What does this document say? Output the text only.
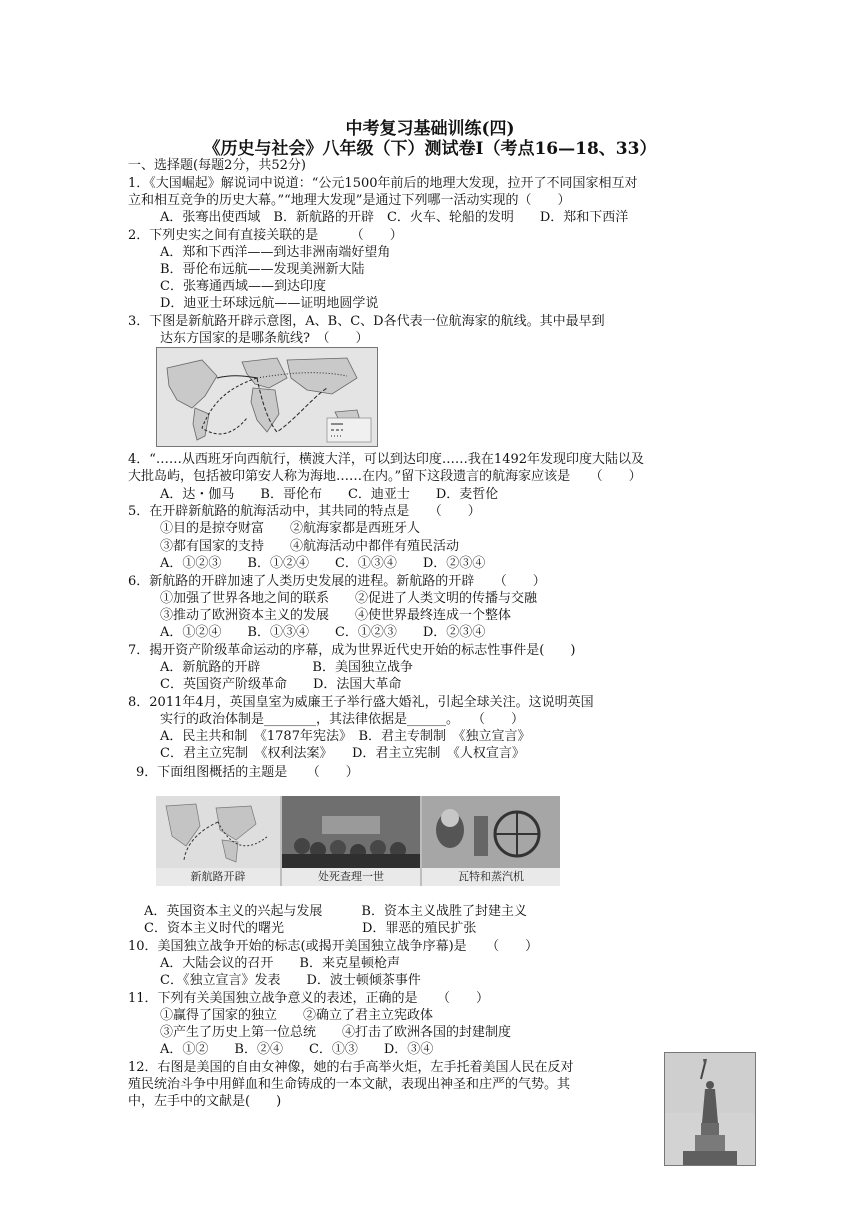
中考复习基础训练(四)
《历史与社会》八年级（下）测试卷Ⅰ（考点16—18、33）
一、选择题(每题2分，共52分)
1．《大国崛起》解说词中说道：“公元1500年前后的地理大发现，拉开了不同国家相互对
立和相互竞争的历史大幕。”“地理大发现”是通过下列哪一活动实现的（　　）
A．张骞出使西域　B．新航路的开辟　C．火车、轮船的发明　　D．郑和下西洋
2．下列史实之间有直接关联的是　　　（　　）
A．郑和下西洋——到达非洲南端好望角
B．哥伦布远航——发现美洲新大陆
C．张骞通西域——到达印度
D．迪亚士环球远航——证明地圆学说
3．下图是新航路开辟示意图，A、B、C、D各代表一位航海家的航线。其中最早到
达东方国家的是哪条航线?　（　　）
4．“……从西班牙向西航行，横渡大洋，可以到达印度……我在1492年发现印度大陆以及
大批岛屿，包括被印第安人称为海地……在内。”留下这段遗言的航海家应该是　　（　　）
A．达・伽马　　B．哥伦布　　C．迪亚士　　D．麦哲伦
5．在开辟新航路的航海活动中，其共同的特点是　　（　　）
①目的是掠夺财富　　②航海家都是西班牙人
③都有国家的支持　　④航海活动中都伴有殖民活动
A．①②③　　B．①②④　　C．①③④　　D．②③④
6．新航路的开辟加速了人类历史发展的进程。新航路的开辟　　（　　）
①加强了世界各地之间的联系　　②促进了人类文明的传播与交融
③推动了欧洲资本主义的发展　　④使世界最终连成一个整体
A．①②④　　B．①③④　　C．①②③　　D．②③④
7．揭开资产阶级革命运动的序幕，成为世界近代史开始的标志性事件是(　　)
A．新航路的开辟　　　　B．美国独立战争
C．英国资产阶级革命　　D．法国大革命
8．2011年4月，英国皇室为威廉王子举行盛大婚礼，引起全球关注。这说明英国
实行的政治体制是________，其法律依据是______。　　（　　）
A．民主共和制　《1787年宪法》　B．君主专制制　《独立宣言》
C．君主立宪制　《权利法案》　　D．君主立宪制　《人权宣言》
9．下面组图概括的主题是　　（　　）
新航路开辟	处死查理一世	瓦特和蒸汽机
A．英国资本主义的兴起与发展　　　B．资本主义战胜了封建主义
C．资本主义时代的曙光　　　　　　D．罪恶的殖民扩张
10．美国独立战争开始的标志(或揭开美国独立战争序幕)是　　（　　）
A．大陆会议的召开　　B．来克星顿枪声
C．《独立宣言》发表　　D．波士顿倾茶事件
11．下列有关美国独立战争意义的表述，正确的是　　（　　）
①赢得了国家的独立　　②确立了君主立宪政体
③产生了历史上第一位总统　　④打击了欧洲各国的封建制度
A．①②　　B．②④　　C．①③　　D．③④
12．右图是美国的自由女神像，她的右手高举火炬，左手托着美国人民在反对
殖民统治斗争中用鲜血和生命铸成的一本文献，表现出神圣和庄严的气势。其
中，左手中的文献是(　　)
